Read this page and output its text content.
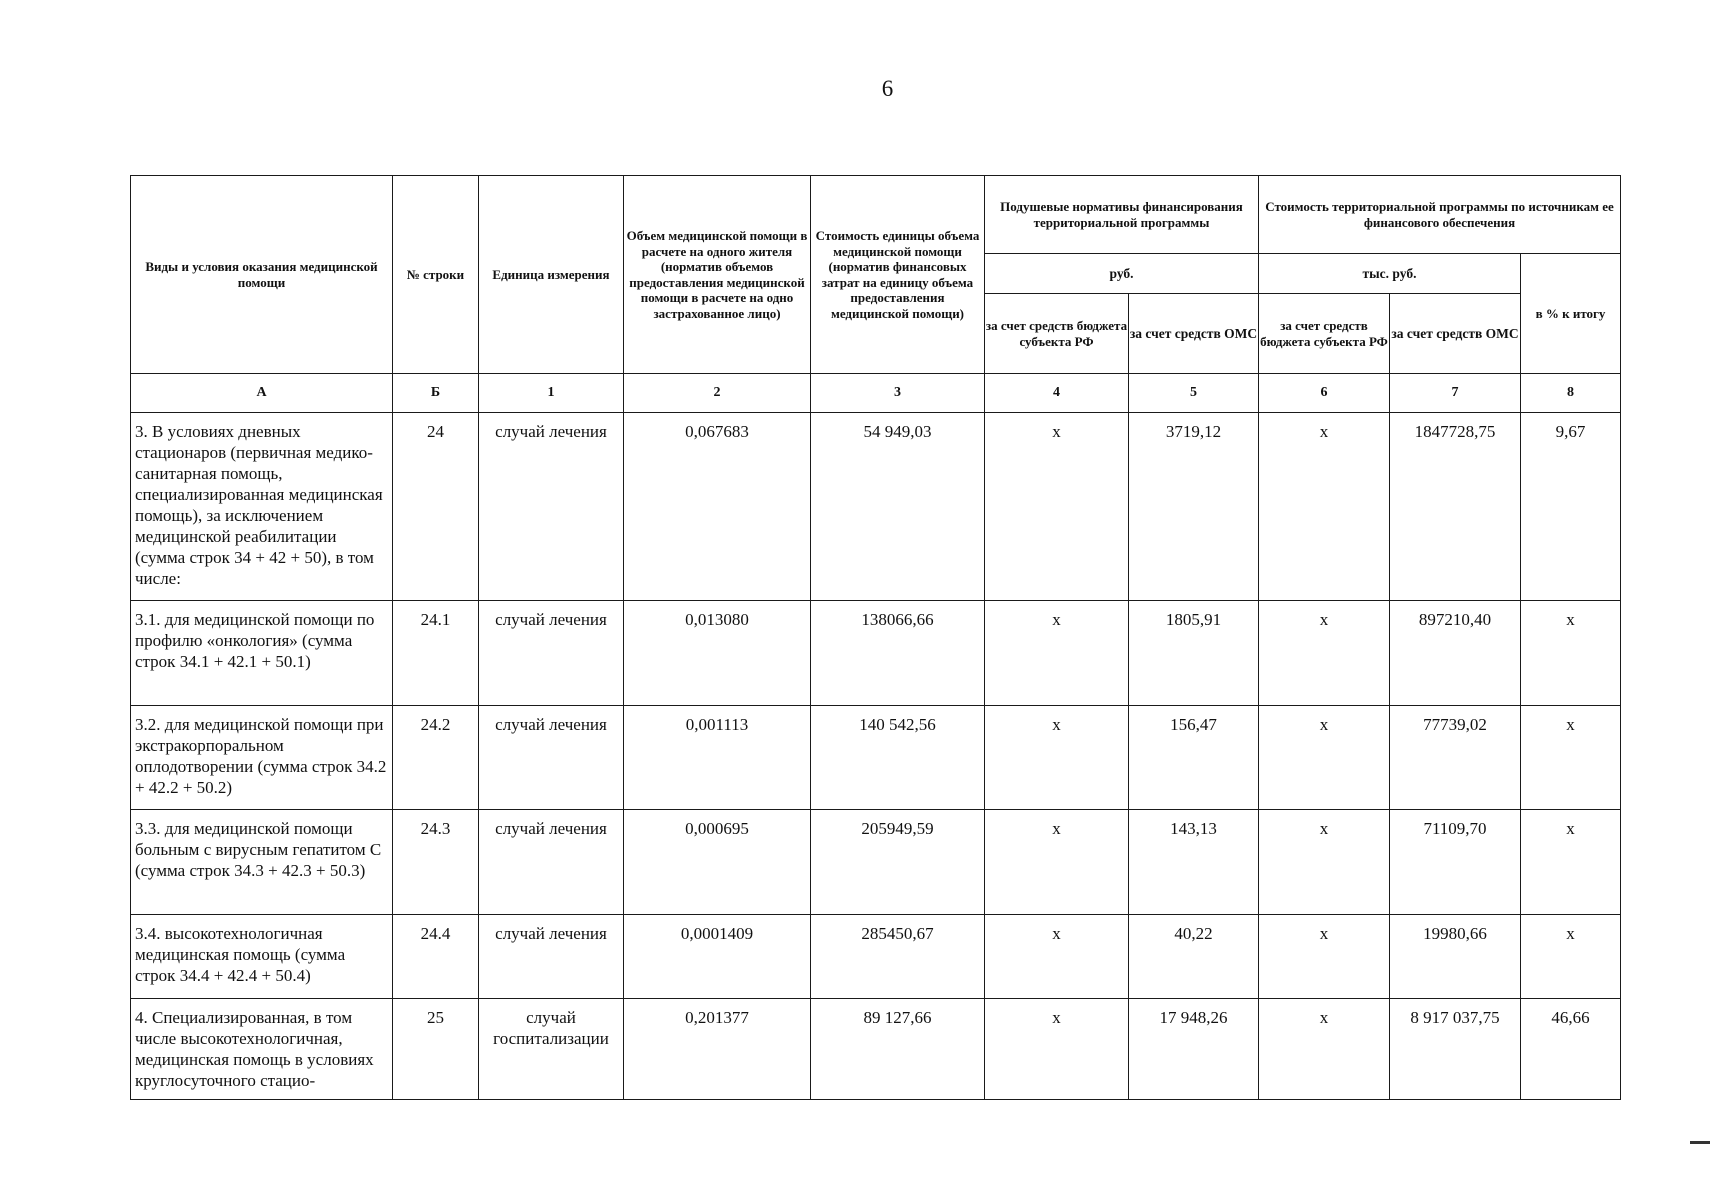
6
Виды и условия оказания медицинской помощи	№ строки	Единица измерения	Объем медицинской помощи в расчете на одного жителя (норматив объемов предоставления медицинской помощи в расчете на одно застрахованное лицо)	Стоимость единицы объема медицинской помощи (норматив финансовых затрат на единицу объема предоставления медицинской помощи)	Подушевые нормативы финансирования территориальной программы		Стоимость территориальной программы по источникам ее финансового обеспечения		
					руб.		тыс. руб.		в % к итогу
					за счет средств бюджета субъекта РФ	за счет средств ОМС	за счет средств бюджета субъекта РФ	за счет средств ОМС	
А	Б	1	2	3	4	5	6	7	8
3. В условиях дневных стационаров (первичная медико-санитарная помощь, специализированная медицинская помощь), за исключением медицинской реабилитации (сумма строк 34 + 42 + 50), в том числе:	24	случай лечения	0,067683	54 949,03	х	3719,12	х	1847728,75	9,67
3.1. для медицинской помощи по профилю «онкология» (сумма строк 34.1 + 42.1 + 50.1)	24.1	случай лечения	0,013080	138066,66	х	1805,91	х	897210,40	х
3.2. для медицинской помощи при экстракорпоральном оплодотворении (сумма строк 34.2 + 42.2 + 50.2)	24.2	случай лечения	0,001113	140 542,56	х	156,47	х	77739,02	х
3.3. для медицинской помощи больным с вирусным гепатитом С (сумма строк 34.3 + 42.3 + 50.3)	24.3	случай лечения	0,000695	205949,59	х	143,13	х	71109,70	х
3.4. высокотехнологичная медицинская помощь (сумма строк 34.4 + 42.4 + 50.4)	24.4	случай лечения	0,0001409	285450,67	х	40,22	х	19980,66	х
4. Специализированная, в том числе высокотехнологичная, медицинская помощь в условиях круглосуточного стацио-	25	случай госпитализации	0,201377	89 127,66	х	17 948,26	х	8 917 037,75	46,66
